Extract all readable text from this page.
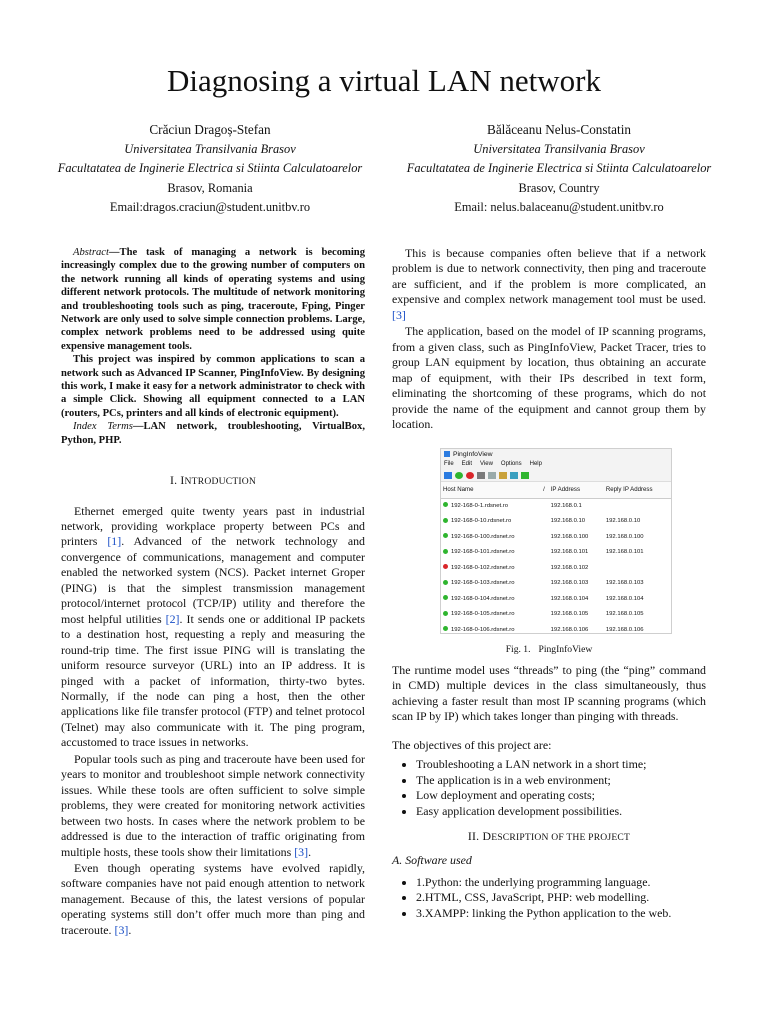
Diagnosing a virtual LAN network
Crăciun Dragoș-Stefan
Universitatea Transilvania Brasov
Facultatatea de Inginerie Electrica si Stiinta Calculatoarelor
Brasov, Romania
Email:dragos.craciun@student.unitbv.ro
Bălăceanu Nelus-Constatin
Universitatea Transilvania Brasov
Facultatatea de Inginerie Electrica si Stiinta Calculatoarelor
Brasov, Country
Email: nelus.balaceanu@student.unitbv.ro

Abstract—The task of managing a network is becoming increasingly complex due to the growing number of computers on the network running all kinds of operating systems and using different network protocols. The multitude of network monitoring and troubleshooting tools such as ping, traceroute, Fping, Pinger Network are only used to solve simple connection problems. Large, complex network problems need to be addressed using quite expensive management tools.

This project was inspired by common applications to scan a network such as Advanced IP Scanner, PingInfoView. By designing this work, I make it easy for a network administrator to check with a simple Click. Showing all equipment connected to a LAN (routers, PCs, printers and all kinds of electronic equipment).

Index Terms—LAN network, troubleshooting, VirtualBox, Python, PHP.

I. INTRODUCTION

Ethernet emerged quite twenty years past in industrial network, providing workplace property between PCs and printers [1]. Advanced of the network technology and convergence of communications, management and computer enabled the networked system (NCS). Packet internet Groper (PING) is that the simplest transmission management protocol/internet protocol (TCP/IP) utility and therefore the most helpful utilities [2]. It sends one or additional IP packets to a destination host, requesting a reply and measuring the round-trip time. The first issue PING will is translating the uniform resource surveyor (URL) into an IP address. It is pinged with a packet of information, thirty-two bytes. Normally, if the node can ping a host, then the other applications like file transfer protocol (FTP) and telnet protocol (Telnet) may also communicate with it. The ping program, accustomed to trace issues in networks.

Popular tools such as ping and traceroute have been used for years to monitor and troubleshoot simple network connectivity issues. While these tools are often sufficient to solve simple problems, they were created for monitoring network activities between two hosts. In cases where the network problem to be addressed is due to the interaction of traffic originating from multiple hosts, these tools show their limitations [3].

Even though operating systems have evolved rapidly, software companies have not paid enough attention to network management. Because of this, the latest versions of popular operating systems still don’t offer much more than ping and traceroute. [3].

This is because companies often believe that if a network problem is due to network connectivity, then ping and traceroute are sufficient, and if the problem is more complicated, an expensive and complex network management tool must be used. [3]

The application, based on the model of IP scanning programs, from a given class, such as PingInfoView, Packet Tracer, tries to group LAN equipment by location, thus obtaining an accurate map of equipment, with their IPs described in text form, eliminating the shortcoming of these programs, which do not provide the name of the equipment and cannot group them by location.

PingInfoView
File Edit View Options Help
Host Name	/	IP Address	Reply IP Address
192-168-0-1.rdsnet.ro		192.168.0.1	
192-168-0-10.rdsnet.ro		192.168.0.10	192.168.0.10
192-168-0-100.rdsnet.ro		192.168.0.100	192.168.0.100
192-168-0-101.rdsnet.ro		192.168.0.101	192.168.0.101
192-168-0-102.rdsnet.ro		192.168.0.102	
192-168-0-103.rdsnet.ro		192.168.0.103	192.168.0.103
192-168-0-104.rdsnet.ro		192.168.0.104	192.168.0.104
192-168-0-105.rdsnet.ro		192.168.0.105	192.168.0.105
192-168-0-106.rdsnet.ro		192.168.0.106	192.168.0.106

Fig. 1. PingInfoView

The runtime model uses “threads” to ping (the “ping” command in CMD) multiple devices in the class simultaneously, thus achieving a faster result than most IP scanning programs (which scan IP by IP) which takes longer than pinging with threads.

The objectives of this project are:

• Troubleshooting a LAN network in a short time;
• The application is in a web environment;
• Low deployment and operating costs;
• Easy application development possibilities.
II. DESCRIPTION OF THE PROJECT
A. Software used
• 1.Python: the underlying programming language.
• 2.HTML, CSS, JavaScript, PHP: web modelling.
• 3.XAMPP: linking the Python application to the web.
